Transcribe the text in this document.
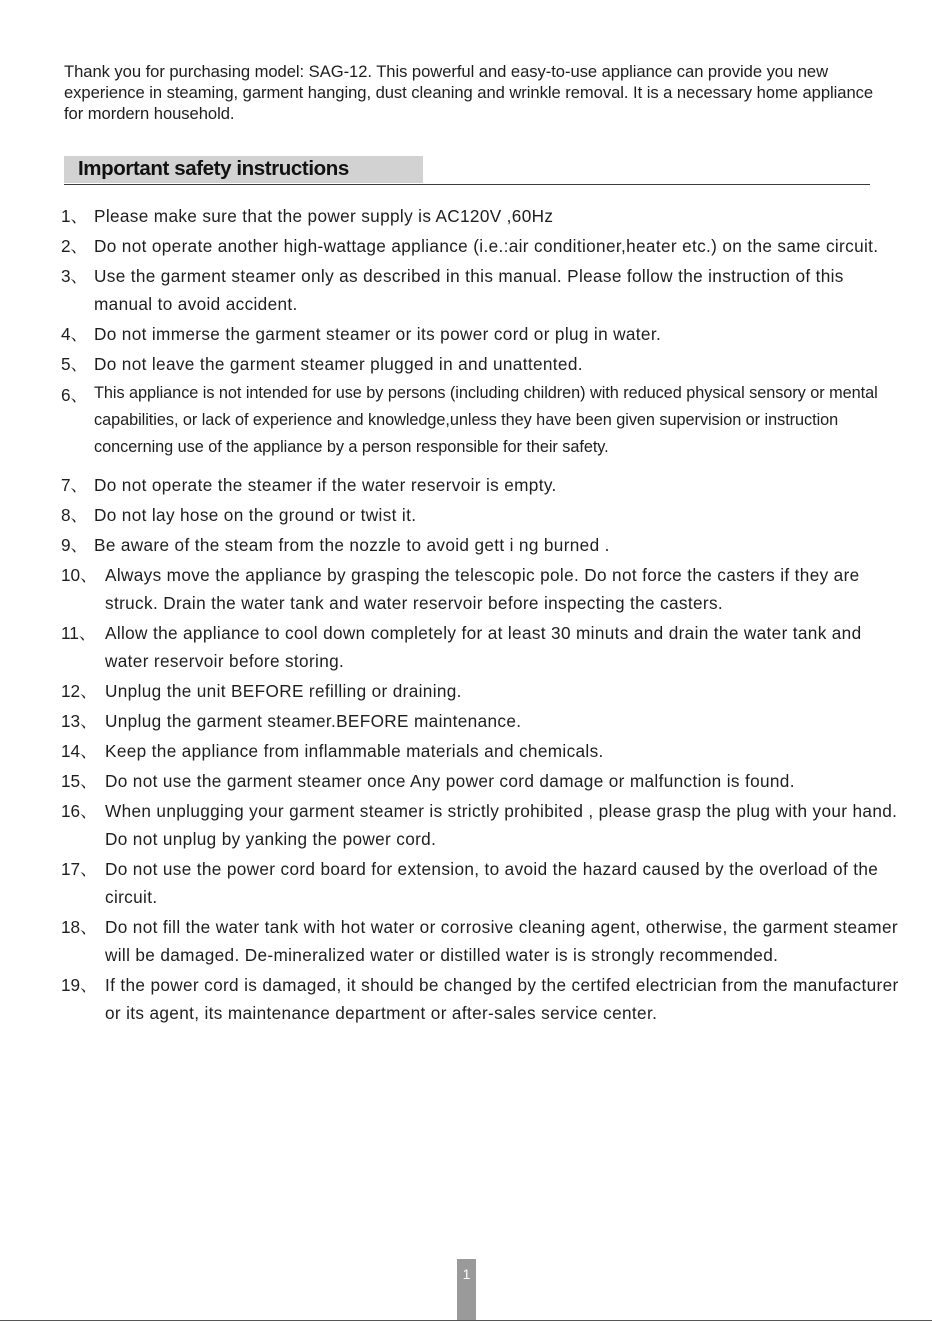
Thank you for purchasing model: SAG-12. This powerful and easy-to-use appliance can provide you new experience in steaming, garment hanging, dust cleaning and wrinkle removal. It is a necessary home appliance for mordern household.

Important safety instructions
1、 Please make sure that the power supply is AC120V ,60Hz
2、 Do not operate another high-wattage appliance (i.e.:air conditioner,heater etc.) on the same circuit.
3、 Use the garment steamer only as described in this manual. Please follow the instruction of this manual to avoid accident.
4、 Do not immerse the garment steamer or its power cord or plug in water.
5、 Do not leave the garment steamer plugged in and unattented.
6、 This appliance is not intended for use by persons (including children) with reduced physical sensory or mental capabilities, or lack of experience and knowledge,unless they have been given supervision or instruction concerning use of the appliance by a person responsible for their safety.
7、 Do not operate the steamer if the water reservoir is empty.
8、 Do not lay hose on the ground or twist it.
9、 Be aware of the steam from the nozzle to avoid gett i ng burned .
10、 Always move the appliance by grasping the telescopic pole. Do not force the casters if they are struck. Drain the water tank and water reservoir before inspecting the casters.
11、 Allow the appliance to cool down completely for at least 30 minuts and drain the water tank and water reservoir before storing.
12、 Unplug the unit BEFORE refilling or draining.
13、 Unplug the garment steamer.BEFORE maintenance.
14、 Keep the appliance from inflammable materials and chemicals.
15、 Do not use the garment steamer once Any power cord damage or malfunction is found.
16、 When unplugging your garment steamer is strictly prohibited , please grasp the plug with your hand. Do not unplug by yanking the power cord.
17、 Do not use the power cord board for extension, to avoid the hazard caused by the overload of the circuit.
18、 Do not fill the water tank with hot water or corrosive cleaning agent, otherwise, the garment steamer will be damaged. De-mineralized water or distilled water is is strongly recommended.
19、 If the power cord is damaged, it should be changed by the certifed electrician from the manufacturer or its agent, its maintenance department or after-sales service center.
1
